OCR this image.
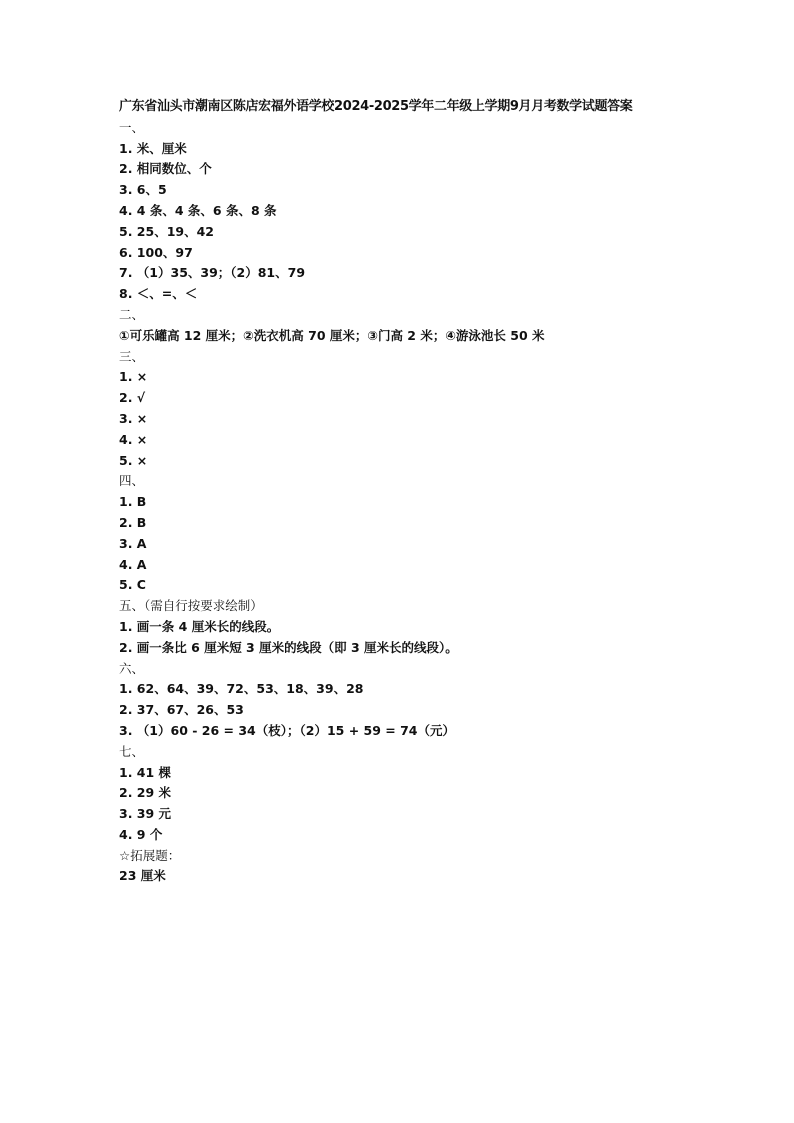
广东省汕头市潮南区陈店宏福外语学校2024-2025学年二年级上学期9月月考数学试题答案
一、
1. 米、厘米
2. 相同数位、个
3. 6、5
4. 4 条、4 条、6 条、8 条
5. 25、19、42
6. 100、97
7. （1）35、39；（2）81、79
8. ＜、=、＜
二、
①可乐罐高 12 厘米；②洗衣机高 70 厘米；③门高 2 米；④游泳池长 50 米
三、
1. ×
2. √
3. ×
4. ×
5. ×
四、
1. B
2. B
3. A
4. A
5. C
五、（需自行按要求绘制）
1. 画一条 4 厘米长的线段。
2. 画一条比 6 厘米短 3 厘米的线段（即 3 厘米长的线段）。
六、
1. 62、64、39、72、53、18、39、28
2. 37、67、26、53
3. （1）60 - 26 = 34（枝）；（2）15 + 59 = 74（元）
七、
1. 41 棵
2. 29 米
3. 39 元
4. 9 个
☆拓展题：
23 厘米
